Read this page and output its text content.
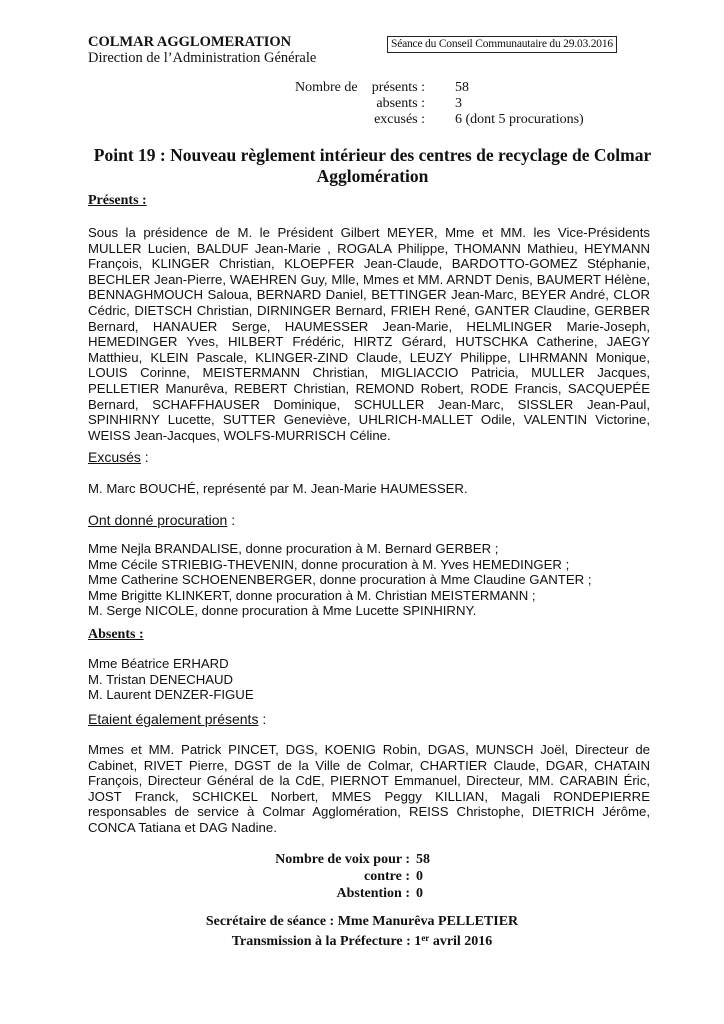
COLMAR AGGLOMERATION
Direction de l’Administration Générale
Séance du Conseil Communautaire du 29.03.2016
Nombre de présents : 58
absents : 3
excusés : 6 (dont 5 procurations)
Point 19 : Nouveau règlement intérieur des centres de recyclage de Colmar Agglomération
Présents :
Sous la présidence de M. le Président Gilbert MEYER, Mme et MM. les Vice-Présidents MULLER Lucien, BALDUF Jean-Marie , ROGALA Philippe, THOMANN Mathieu, HEYMANN François, KLINGER Christian, KLOEPFER Jean-Claude, BARDOTTO-GOMEZ Stéphanie, BECHLER Jean-Pierre, WAEHREN Guy, Mlle, Mmes et MM. ARNDT Denis, BAUMERT Hélène, BENNAGHMOUCH Saloua, BERNARD Daniel, BETTINGER Jean-Marc, BEYER André, CLOR Cédric, DIETSCH Christian, DIRNINGER Bernard, FRIEH René, GANTER Claudine, GERBER Bernard, HANAUER Serge, HAUMESSER Jean-Marie, HELMLINGER Marie-Joseph, HEMEDINGER Yves, HILBERT Frédéric, HIRTZ Gérard, HUTSCHKA Catherine, JAEGY Matthieu, KLEIN Pascale, KLINGER-ZIND Claude, LEUZY Philippe, LIHRMANN Monique, LOUIS Corinne, MEISTERMANN Christian, MIGLIACCIO Patricia, MULLER Jacques, PELLETIER Manurêva, REBERT Christian, REMOND Robert, RODE Francis, SACQUEPÉE Bernard, SCHAFFHAUSER Dominique, SCHULLER Jean-Marc, SISSLER Jean-Paul, SPINHIRNY Lucette, SUTTER Geneviève, UHLRICH-MALLET Odile, VALENTIN Victorine, WEISS Jean-Jacques, WOLFS-MURRISCH Céline.
Excusés :
M. Marc BOUCHÉ, représenté par M. Jean-Marie HAUMESSER.
Ont donné procuration :
Mme Nejla BRANDALISE, donne procuration à M. Bernard GERBER ;
Mme Cécile STRIEBIG-THEVENIN, donne procuration à M. Yves HEMEDINGER ;
Mme Catherine SCHOENENBERGER, donne procuration à Mme Claudine GANTER ;
Mme Brigitte KLINKERT, donne procuration à M. Christian MEISTERMANN ;
M. Serge NICOLE, donne procuration à Mme Lucette SPINHIRNY.
Absents :
Mme Béatrice ERHARD
M. Tristan DENECHAUD
M. Laurent DENZER-FIGUE
Etaient également présents :
Mmes et MM. Patrick PINCET, DGS, KOENIG Robin, DGAS, MUNSCH Joël, Directeur de Cabinet, RIVET Pierre, DGST de la Ville de Colmar, CHARTIER Claude, DGAR, CHATAIN François, Directeur Général de la CdE, PIERNOT Emmanuel, Directeur, MM. CARABIN Éric, JOST Franck, SCHICKEL Norbert, MMES Peggy KILLIAN, Magali RONDEPIERRE responsables de service à Colmar Agglomération, REISS Christophe, DIETRICH Jérôme, CONCA Tatiana et DAG Nadine.
Nombre de voix pour : 58
contre : 0
Abstention : 0
Secrétaire de séance : Mme Manurêva PELLETIER
Transmission à la Préfecture : 1er avril 2016
